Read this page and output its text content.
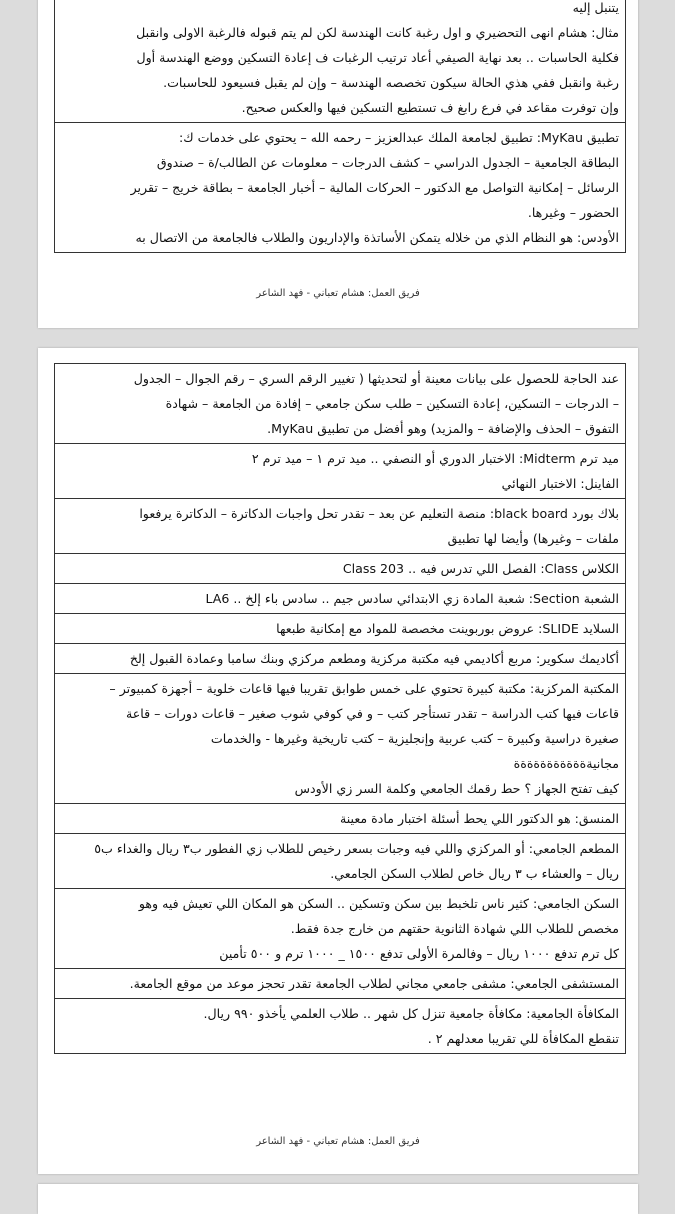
يتنبل إليه
مثال: هشام انهى التحضيري و اول رغبة كانت الهندسة لكن لم يتم قبوله فالرغبة الاولى وانقبل
فكلية الحاسبات .. بعد نهاية الصيفي أعاد ترتيب الرغبات ف إعادة التسكين ووضع الهندسة أول
رغبة وانقبل ففي هذي الحالة سيكون تخصصه الهندسة – وإن لم يقبل فسيعود للحاسبات.
وإن توفرت مقاعد في فرع رابغ ف تستطيع التسكين فيها والعكس صحيح.
تطبيق MyKau: تطبيق لجامعة الملك عبدالعزيز – رحمه الله – يحتوي على خدمات ك:
البطاقة الجامعية – الجدول الدراسي – كشف الدرجات – معلومات عن الطالب/ة – صندوق
الرسائل – إمكانية التواصل مع الدكتور – الحركات المالية – أخبار الجامعة – بطاقة خريج – تقرير
الحضور – وغيرها.
الأودس: هو النظام الذي من خلاله يتمكن الأساتذة والإداريون والطلاب فالجامعة من الاتصال به
فريق العمل: هشام تعباني - فهد الشاعر
عند الحاجة للحصول على بيانات معينة أو لتحديثها ( تغيير الرقم السري – رقم الجوال – الجدول
– الدرجات – التسكين، إعادة التسكين – طلب سكن جامعي – إفادة من الجامعة – شهادة
التفوق – الحذف والإضافة – والمزيد) وهو أفضل من تطبيق MyKau.
ميد ترم Midterm: الاختبار الدوري أو النصفي .. ميد ترم ١ – ميد ترم ٢
الفاينل: الاختبار النهائي
بلاك بورد black board: منصة التعليم عن بعد – تقدر تحل واجبات الدكاترة – الدكاترة يرفعوا
ملفات – وغيرها) وأيضا لها تطبيق
الكلاس Class: الفصل اللي تدرس فيه .. Class 203
الشعبة Section: شعبة المادة زي الابتدائي سادس جيم .. سادس باء إلخ .. LA6
السلايد SLIDE: عروض بوربوينت مخصصة للمواد مع إمكانية طبعها
أكاديمك سكوير: مربع أكاديمي فيه مكتبة مركزية ومطعم مركزي وبنك سامبا وعمادة القبول إلخ
المكتبة المركزية: مكتبة كبيرة تحتوي على خمس طوابق تقريبا فيها قاعات خلوية – أجهزة كمبيوتر –
قاعات فيها كتب الدراسة – تقدر تستأجر كتب – و في كوفي شوب صغير – قاعات دورات – قاعة
صغيرة دراسية وكبيرة – كتب عربية وإنجليزية – كتب تاريخية وغيرها - والخدمات
مجانيةةةةةةةةةةةة
كيف تفتح الجهاز ؟ حط رقمك الجامعي وكلمة السر زي الأودس
المنسق: هو الدكتور اللي يحط أسئلة اختبار مادة معينة
المطعم الجامعي: أو المركزي واللي فيه وجبات بسعر رخيص للطلاب زي الفطور ب٣ ريال والغداء ب٥
ريال – والعشاء ب ٣ ريال خاص لطلاب السكن الجامعي.
السكن الجامعي: كثير ناس تلخبط بين سكن وتسكين .. السكن هو المكان اللي تعيش فيه وهو
مخصص للطلاب اللي شهادة الثانوية حقتهم من خارج جدة فقط.
كل ترم تدفع ١٠٠٠ ريال – وفالمرة الأولى تدفع ١٥٠٠ _ ١٠٠٠ ترم و ٥٠٠ تأمين
المستشفى الجامعي: مشفى جامعي مجاني لطلاب الجامعة تقدر تحجز موعد من موقع الجامعة.
المكافأة الجامعية: مكافأة جامعية تنزل كل شهر .. طلاب العلمي يأخذو ٩٩٠ ريال.
تنقطع المكافأة للي تقريبا معدلهم ٢ .
فريق العمل: هشام تعباني - فهد الشاعر
